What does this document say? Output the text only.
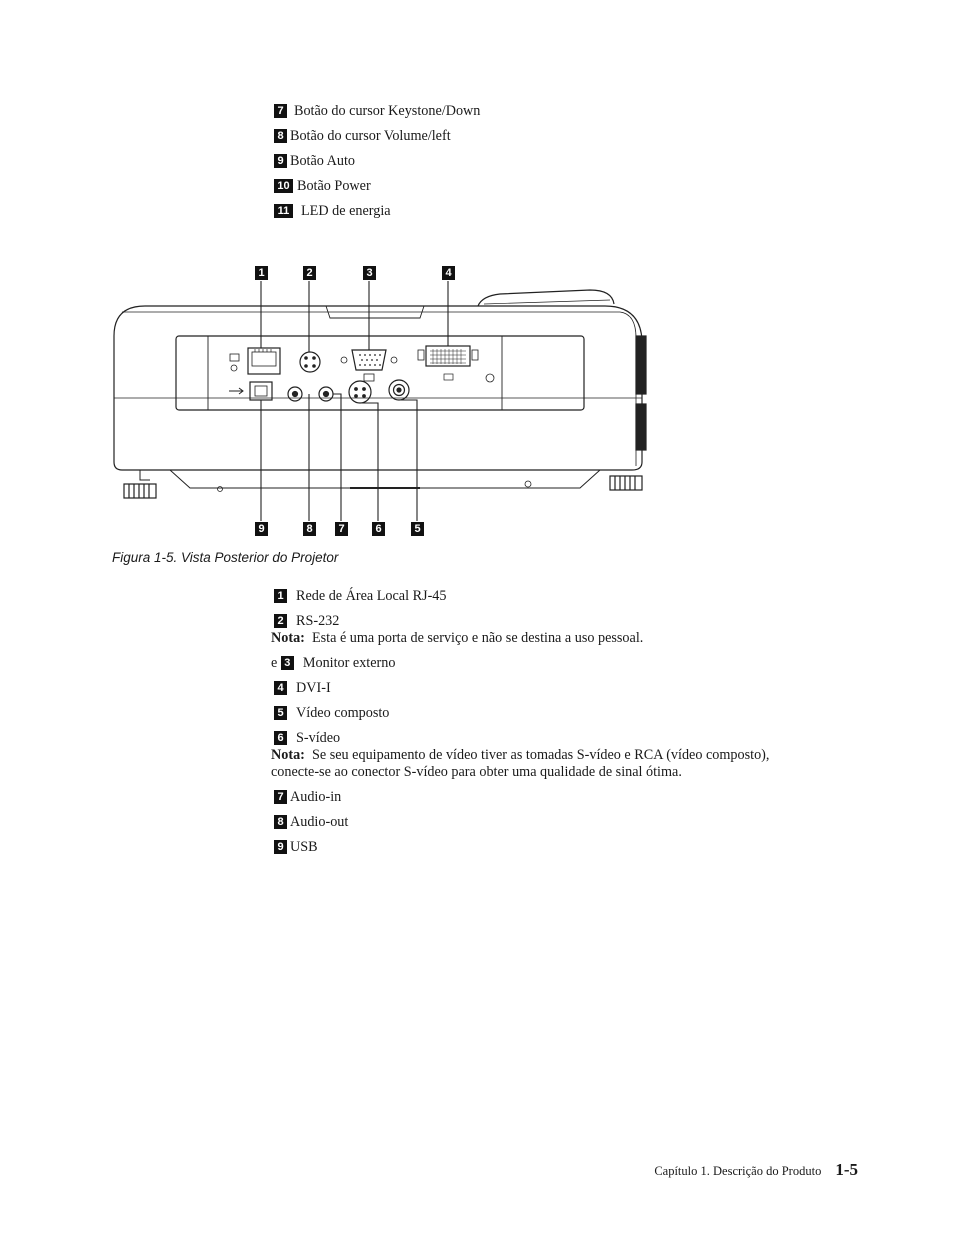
7 Botão do cursor Keystone/Down
8 Botão do cursor Volume/left
9 Botão Auto
10 Botão Power
11 LED de energia
1	2	3	4
9	8	7	6	5
Figura 1-5. Vista Posterior do Projetor
1 Rede de Área Local RJ-45
2 RS-232
Nota: Esta é uma porta de serviço e não se destina a uso pessoal.
e 3 Monitor externo
4 DVI-I
5 Vídeo composto
6 S-vídeo
Nota: Se seu equipamento de vídeo tiver as tomadas S-vídeo e RCA (vídeo composto),
conecte-se ao conector S-vídeo para obter uma qualidade de sinal ótima.
7 Audio-in
8 Audio-out
9 USB
Capítulo 1. Descrição do Produto 1-5
